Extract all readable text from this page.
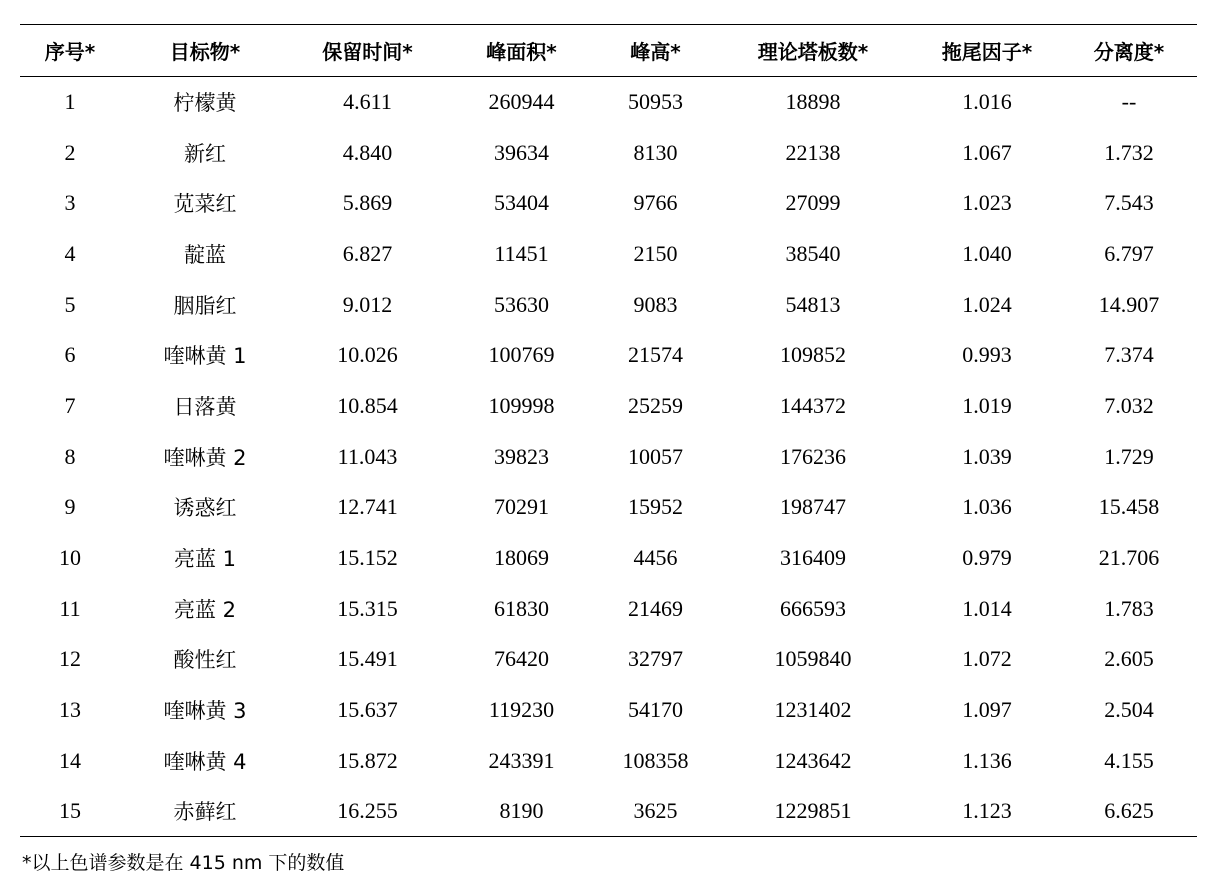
序号*	目标物*	保留时间*	峰面积*	峰高*	理论塔板数*	拖尾因子*	分离度*
1	柠檬黄	4.611	260944	50953	18898	1.016	--
2	新红	4.840	39634	8130	22138	1.067	1.732
3	苋菜红	5.869	53404	9766	27099	1.023	7.543
4	靛蓝	6.827	11451	2150	38540	1.040	6.797
5	胭脂红	9.012	53630	9083	54813	1.024	14.907
6	喹啉黄 1	10.026	100769	21574	109852	0.993	7.374
7	日落黄	10.854	109998	25259	144372	1.019	7.032
8	喹啉黄 2	11.043	39823	10057	176236	1.039	1.729
9	诱惑红	12.741	70291	15952	198747	1.036	15.458
10	亮蓝 1	15.152	18069	4456	316409	0.979	21.706
11	亮蓝 2	15.315	61830	21469	666593	1.014	1.783
12	酸性红	15.491	76420	32797	1059840	1.072	2.605
13	喹啉黄 3	15.637	119230	54170	1231402	1.097	2.504
14	喹啉黄 4	15.872	243391	108358	1243642	1.136	4.155
15	赤藓红	16.255	8190	3625	1229851	1.123	6.625
*以上色谱参数是在 415 nm 下的数值
